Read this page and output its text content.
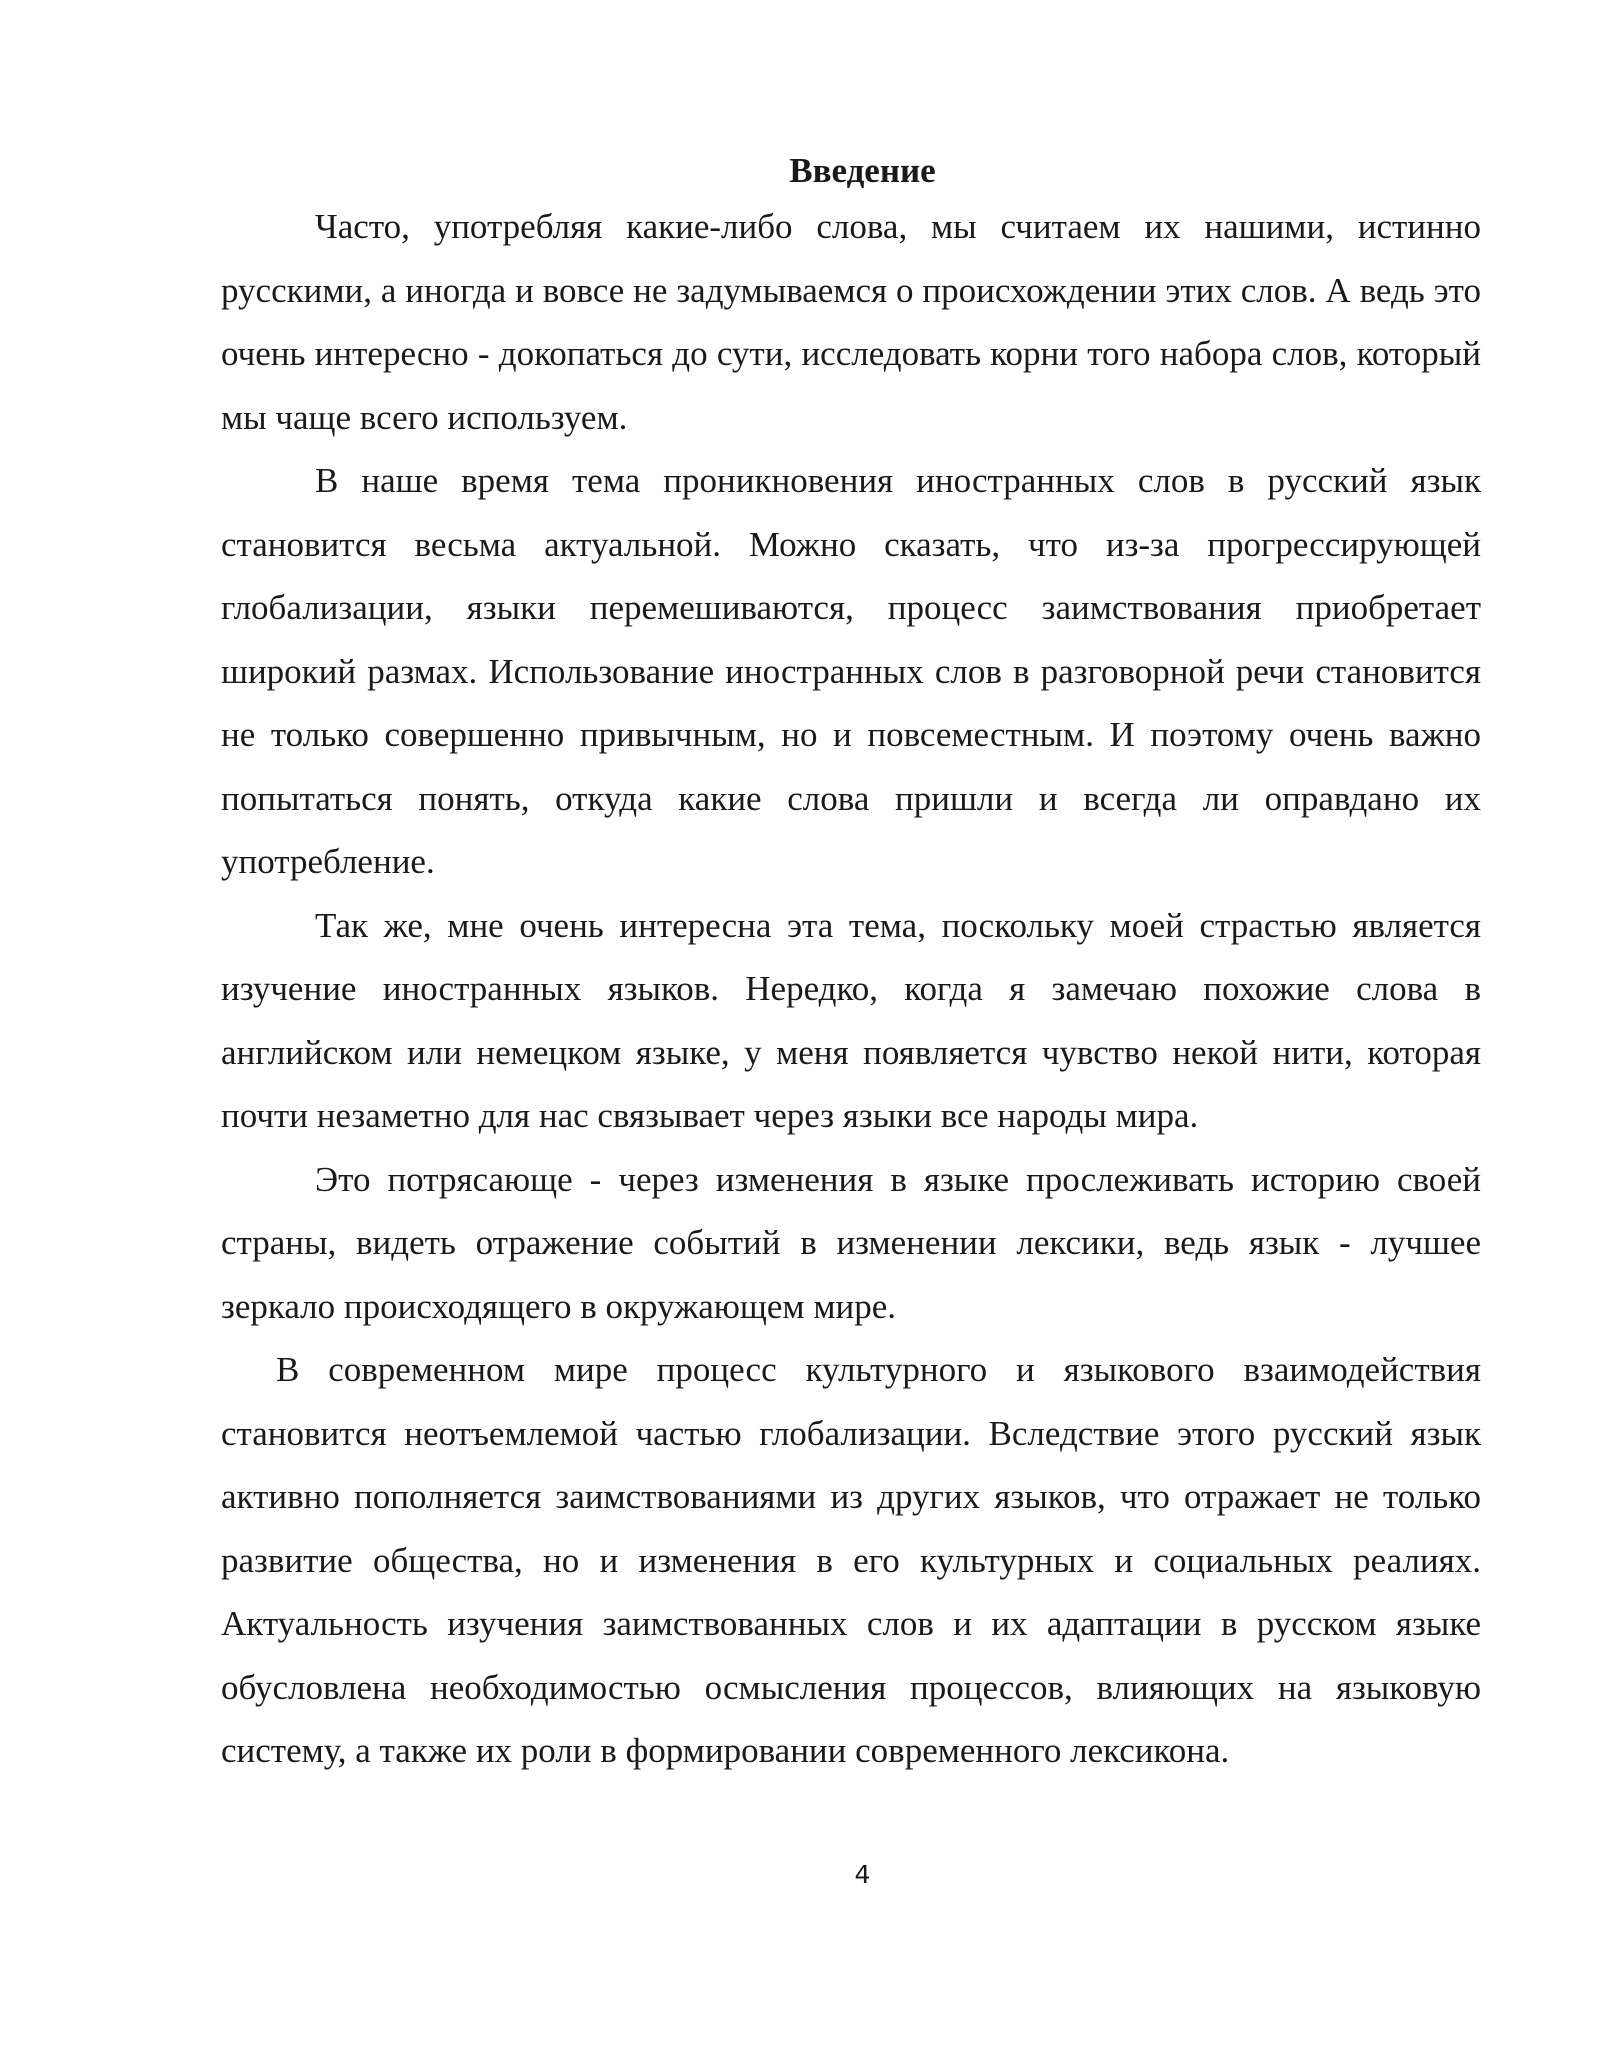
Введение

Часто, употребляя какие-либо слова, мы считаем их нашими, истинно русскими, а иногда и вовсе не задумываемся о происхождении этих слов. А ведь это очень интересно - докопаться до сути, исследовать корни того набора слов, который мы чаще всего используем.

В наше время тема проникновения иностранных слов в русский язык становится весьма актуальной. Можно сказать, что из-за прогрессирующей глобализации, языки перемешиваются, процесс заимствования приобретает широкий размах. Использование иностранных слов в разговорной речи становится не только совершенно привычным, но и повсеместным. И поэтому очень важно попытаться понять, откуда какие слова пришли и всегда ли оправдано их употребление.

Так же, мне очень интересна эта тема, поскольку моей страстью является изучение иностранных языков. Нередко, когда я замечаю похожие слова в английском или немецком языке, у меня появляется чувство некой нити, которая почти незаметно для нас связывает через языки все народы мира.

Это потрясающе - через изменения в языке прослеживать историю своей страны, видеть отражение событий в изменении лексики, ведь язык - лучшее зеркало происходящего в окружающем мире.

В современном мире процесс культурного и языкового взаимодействия становится неотъемлемой частью глобализации. Вследствие этого русский язык активно пополняется заимствованиями из других языков, что отражает не только развитие общества, но и изменения в его культурных и социальных реалиях. Актуальность изучения заимствованных слов и их адаптации в русском языке обусловлена необходимостью осмысления процессов, влияющих на языковую систему, а также их роли в формировании современного лексикона.

4
